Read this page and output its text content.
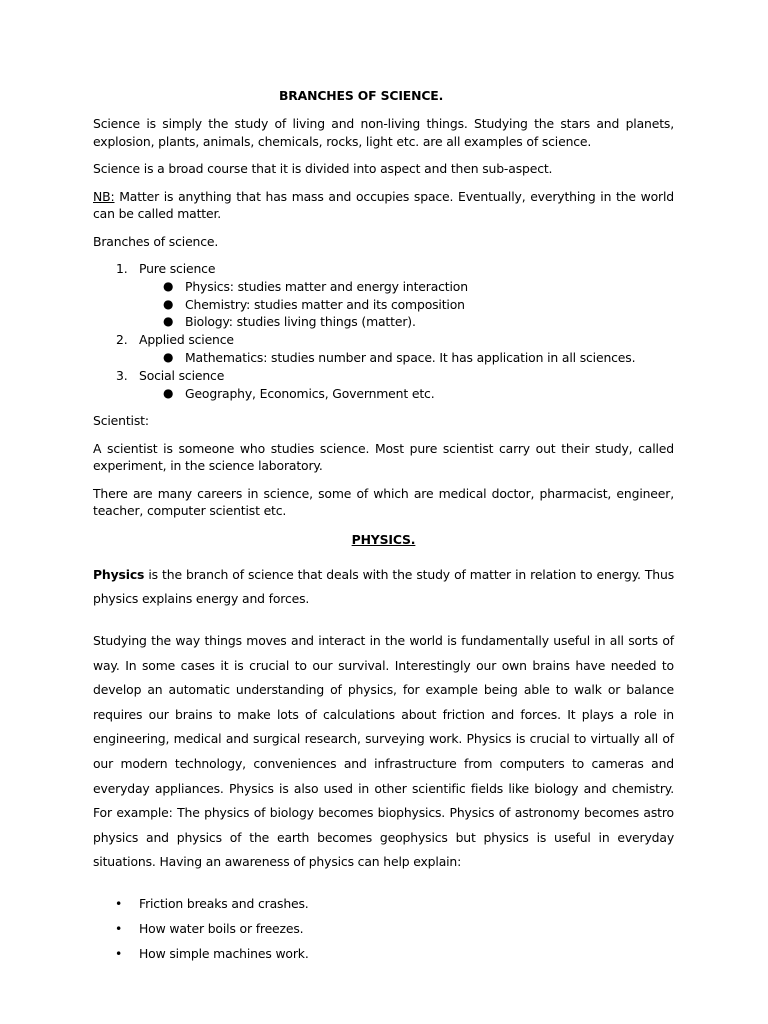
BRANCHES OF SCIENCE.

Science is simply the study of living and non-living things. Studying the stars and planets, explosion, plants, animals, chemicals, rocks, light etc. are all examples of science.

Science is a broad course that it is divided into aspect and then sub-aspect.

NB: Matter is anything that has mass and occupies space. Eventually, everything in the world can be called matter.

Branches of science.

1. Pure science
● Physics: studies matter and energy interaction
● Chemistry: studies matter and its composition
● Biology: studies living things (matter).
2. Applied science
● Mathematics: studies number and space. It has application in all sciences.
3. Social science
● Geography, Economics, Government etc.

Scientist:

A scientist is someone who studies science. Most pure scientist carry out their study, called experiment, in the science laboratory.

There are many careers in science, some of which are medical doctor, pharmacist, engineer, teacher, computer scientist etc.

PHYSICS.

Physics is the branch of science that deals with the study of matter in relation to energy. Thus physics explains energy and forces.

Studying the way things moves and interact in the world is fundamentally useful in all sorts of way. In some cases it is crucial to our survival. Interestingly our own brains have needed to develop an automatic understanding of physics, for example being able to walk or balance requires our brains to make lots of calculations about friction and forces. It plays a role in engineering, medical and surgical research, surveying work. Physics is crucial to virtually all of our modern technology, conveniences and infrastructure from computers to cameras and everyday appliances. Physics is also used in other scientific fields like biology and chemistry. For example: The physics of biology becomes biophysics. Physics of astronomy becomes astro physics and physics of the earth becomes geophysics but physics is useful in everyday situations. Having an awareness of physics can help explain:

• Friction breaks and crashes.
• How water boils or freezes.
• How simple machines work.
